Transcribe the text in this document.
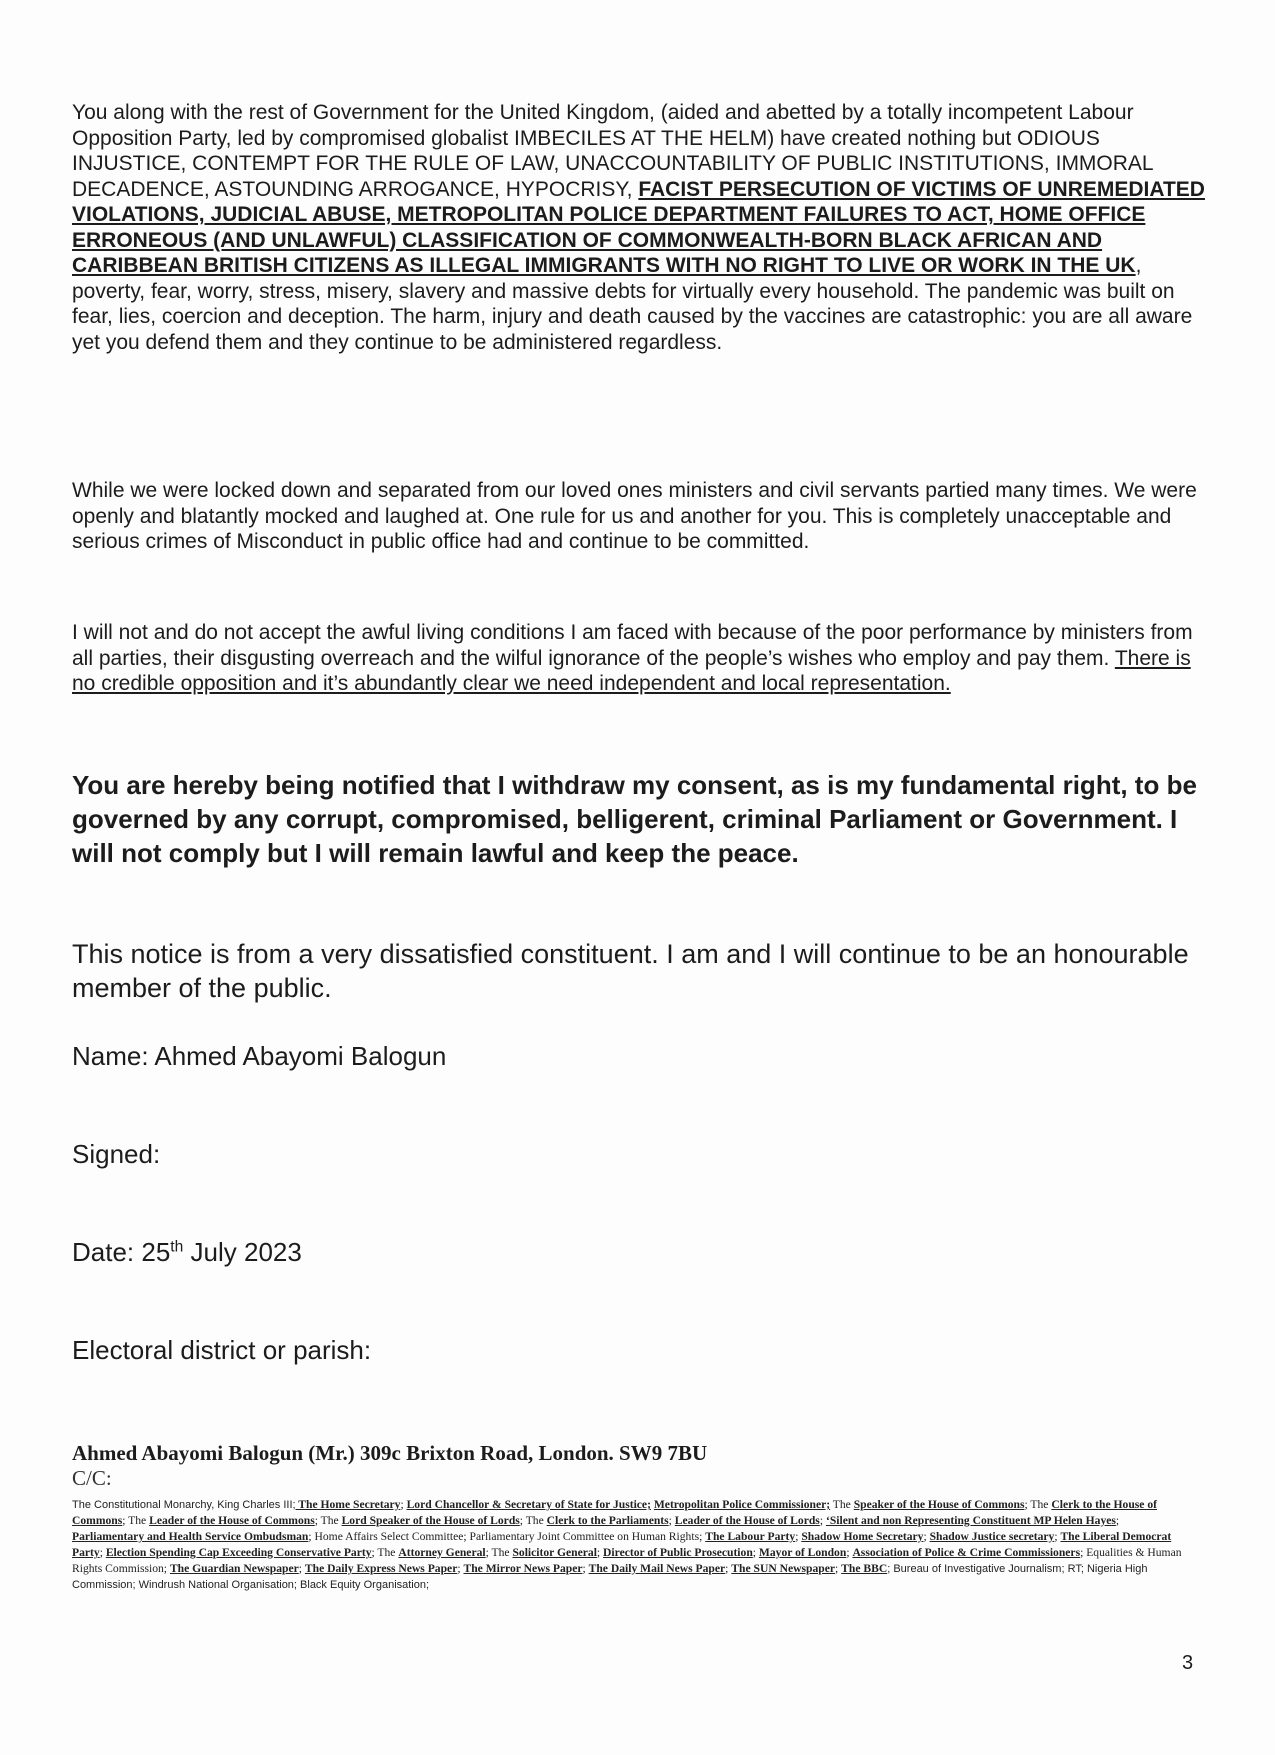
You along with the rest of Government for the United Kingdom, (aided and abetted by a totally incompetent Labour Opposition Party, led by compromised globalist IMBECILES AT THE HELM) have created nothing but ODIOUS INJUSTICE, CONTEMPT FOR THE RULE OF LAW, UNACCOUNTABILITY OF PUBLIC INSTITUTIONS, IMMORAL DECADENCE, ASTOUNDING ARROGANCE, HYPOCRISY, FACIST PERSECUTION OF VICTIMS OF UNREMEDIATED VIOLATIONS, JUDICIAL ABUSE, METROPOLITAN POLICE DEPARTMENT FAILURES TO ACT, HOME OFFICE ERRONEOUS (AND UNLAWFUL) CLASSIFICATION OF COMMONWEALTH-BORN BLACK AFRICAN AND CARIBBEAN BRITISH CITIZENS AS ILLEGAL IMMIGRANTS WITH NO RIGHT TO LIVE OR WORK IN THE UK, poverty, fear, worry, stress, misery, slavery and massive debts for virtually every household. The pandemic was built on fear, lies, coercion and deception. The harm, injury and death caused by the vaccines are catastrophic: you are all aware yet you defend them and they continue to be administered regardless.

While we were locked down and separated from our loved ones ministers and civil servants partied many times. We were openly and blatantly mocked and laughed at. One rule for us and another for you. This is completely unacceptable and serious crimes of Misconduct in public office had and continue to be committed.

I will not and do not accept the awful living conditions I am faced with because of the poor performance by ministers from all parties, their disgusting overreach and the wilful ignorance of the people’s wishes who employ and pay them. There is no credible opposition and it’s abundantly clear we need independent and local representation.

You are hereby being notified that I withdraw my consent, as is my fundamental right, to be governed by any corrupt, compromised, belligerent, criminal Parliament or Government. I will not comply but I will remain lawful and keep the peace.

This notice is from a very dissatisfied constituent. I am and I will continue to be an honourable member of the public.

Name: Ahmed Abayomi Balogun

Signed:

Date: 25th July 2023

Electoral district or parish:

Ahmed Abayomi Balogun (Mr.) 309c Brixton Road, London. SW9 7BU

C/C:

The Constitutional Monarchy, King Charles III; The Home Secretary; Lord Chancellor & Secretary of State for Justice; Metropolitan Police Commissioner; The Speaker of the House of Commons; The Clerk to the House of Commons; The Leader of the House of Commons; The Lord Speaker of the House of Lords; The Clerk to the Parliaments; Leader of the House of Lords; ‘Silent and non Representing Constituent MP Helen Hayes; Parliamentary and Health Service Ombudsman; Home Affairs Select Committee; Parliamentary Joint Committee on Human Rights; The Labour Party; Shadow Home Secretary; Shadow Justice secretary; The Liberal Democrat Party; Election Spending Cap Exceeding Conservative Party; The Attorney General; The Solicitor General; Director of Public Prosecution; Mayor of London; Association of Police & Crime Commissioners; Equalities & Human Rights Commission; The Guardian Newspaper; The Daily Express News Paper; The Mirror News Paper; The Daily Mail News Paper; The SUN Newspaper; The BBC; Bureau of Investigative Journalism; RT; Nigeria High Commission; Windrush National Organisation; Black Equity Organisation;

3
